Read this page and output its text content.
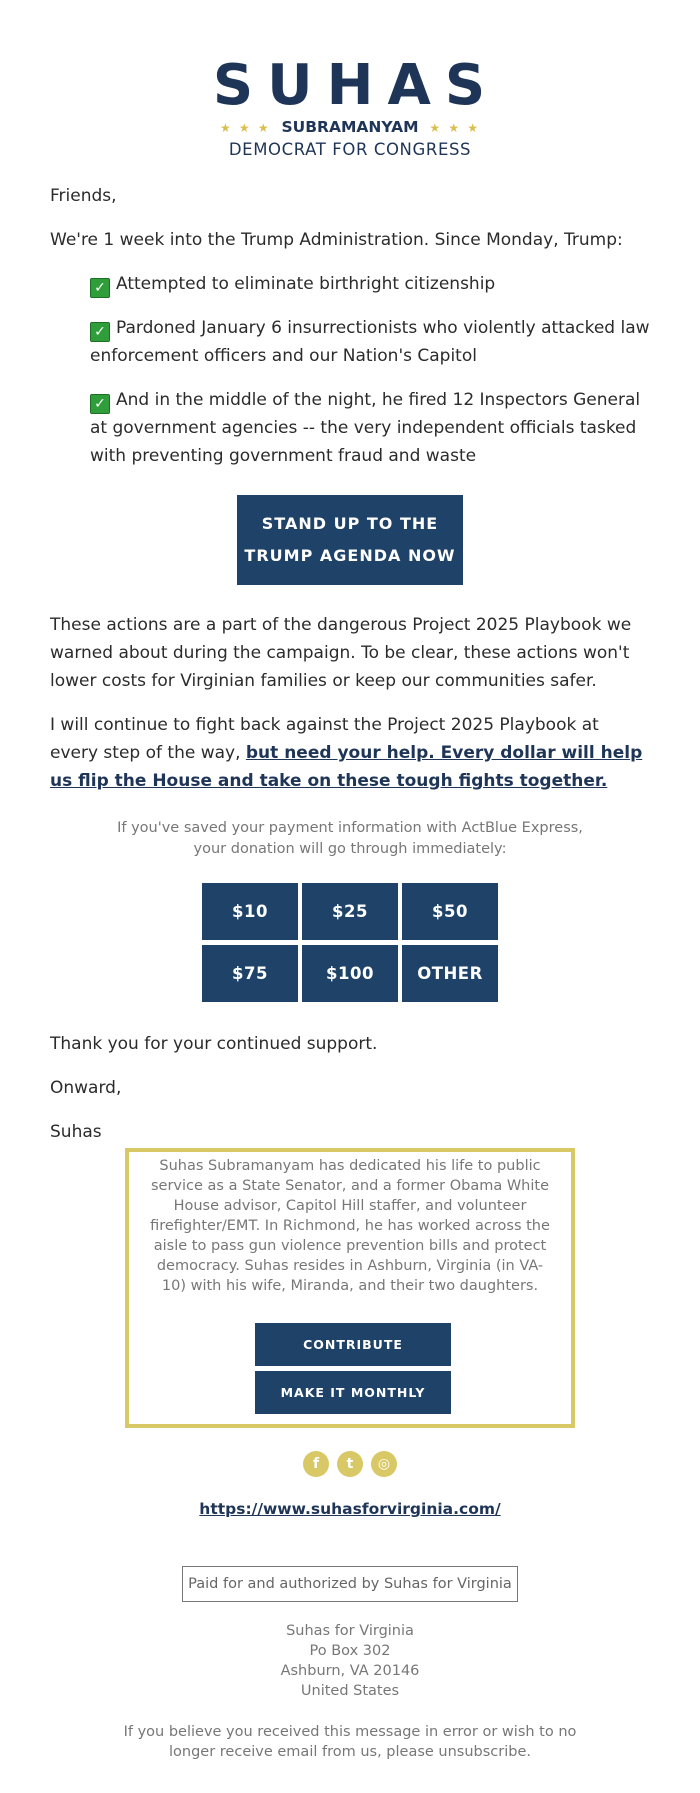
SUHAS
★ ★ ★ SUBRAMANYAM ★ ★ ★
DEMOCRAT FOR CONGRESS
Friends,
We're 1 week into the Trump Administration. Since Monday, Trump:
✓ Attempted to eliminate birthright citizenship
✓ Pardoned January 6 insurrectionists who violently attacked law enforcement officers and our Nation's Capitol
✓ And in the middle of the night, he fired 12 Inspectors General at government agencies -- the very independent officials tasked with preventing government fraud and waste
STAND UP TO THE
TRUMP AGENDA NOW
These actions are a part of the dangerous Project 2025 Playbook we warned about during the campaign. To be clear, these actions won't lower costs for Virginian families or keep our communities safer.
I will continue to fight back against the Project 2025 Playbook at every step of the way, but need your help. Every dollar will help us flip the House and take on these tough fights together.
If you've saved your payment information with ActBlue Express, your donation will go through immediately:
$10	$25	$50
$75	$100	OTHER
Thank you for your continued support.
Onward,
Suhas
Suhas Subramanyam has dedicated his life to public service as a State Senator, and a former Obama White House advisor, Capitol Hill staffer, and volunteer firefighter/EMT. In Richmond, he has worked across the aisle to pass gun violence prevention bills and protect democracy. Suhas resides in Ashburn, Virginia (in VA-10) with his wife, Miranda, and their two daughters.
CONTRIBUTE
MAKE IT MONTHLY
f	t	◎
https://www.suhasforvirginia.com/
Paid for and authorized by Suhas for Virginia
Suhas for Virginia
Po Box 302
Ashburn, VA 20146
United States
If you believe you received this message in error or wish to no longer receive email from us, please unsubscribe.
